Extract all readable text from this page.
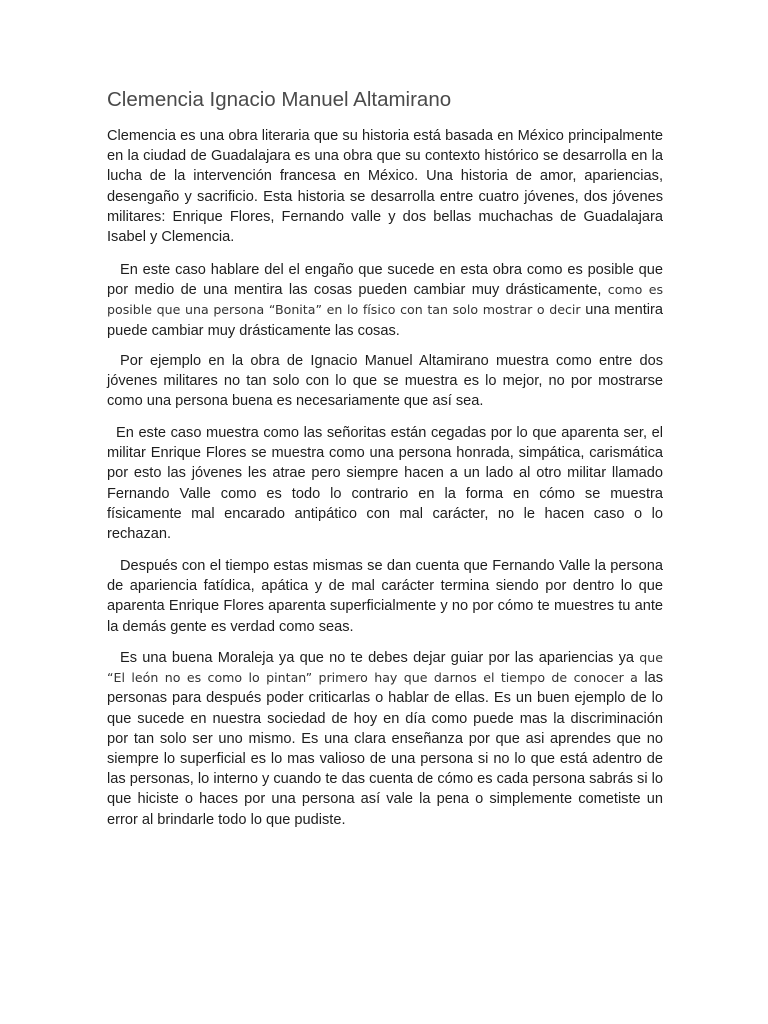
Clemencia Ignacio Manuel Altamirano

Clemencia es una obra literaria que su historia está basada en México principalmente en la ciudad de Guadalajara es una obra que su contexto histórico se desarrolla en la lucha de la intervención francesa en México. Una historia de amor, apariencias, desengaño y sacrificio. Esta historia se desarrolla entre cuatro jóvenes, dos jóvenes militares: Enrique Flores, Fernando valle y dos bellas muchachas de Guadalajara Isabel y Clemencia.

En este caso hablare del el engaño que sucede en esta obra como es posible que por medio de una mentira las cosas pueden cambiar muy drásticamente, como es posible que una persona “Bonita” en lo físico con tan solo mostrar o decir una mentira puede cambiar muy drásticamente las cosas.

Por ejemplo en la obra de Ignacio Manuel Altamirano muestra como entre dos jóvenes militares no tan solo con lo que se muestra es lo mejor, no por mostrarse como una persona buena es necesariamente que así sea.

En este caso muestra como las señoritas están cegadas por lo que aparenta ser, el militar Enrique Flores se muestra como una persona honrada, simpática, carismática por esto las jóvenes les atrae pero siempre hacen a un lado al otro militar llamado Fernando Valle como es todo lo contrario en la forma en cómo se muestra físicamente mal encarado antipático con mal carácter, no le hacen caso o lo rechazan.

Después con el tiempo estas mismas se dan cuenta que Fernando Valle la persona de apariencia fatídica, apática y de mal carácter termina siendo por dentro lo que aparenta Enrique Flores aparenta superficialmente y no por cómo te muestres tu ante la demás gente es verdad como seas.

Es una buena Moraleja ya que no te debes dejar guiar por las apariencias ya que “El león no es como lo pintan” primero hay que darnos el tiempo de conocer a las personas para después poder criticarlas o hablar de ellas. Es un buen ejemplo de lo que sucede en nuestra sociedad de hoy en día como puede mas la discriminación por tan solo ser uno mismo. Es una clara enseñanza por que asi aprendes que no siempre lo superficial es lo mas valioso de una persona si no lo que está adentro de las personas, lo interno y cuando te das cuenta de cómo es cada persona sabrás si lo que hiciste o haces por una persona así vale la pena o simplemente cometiste un error al brindarle todo lo que pudiste.
